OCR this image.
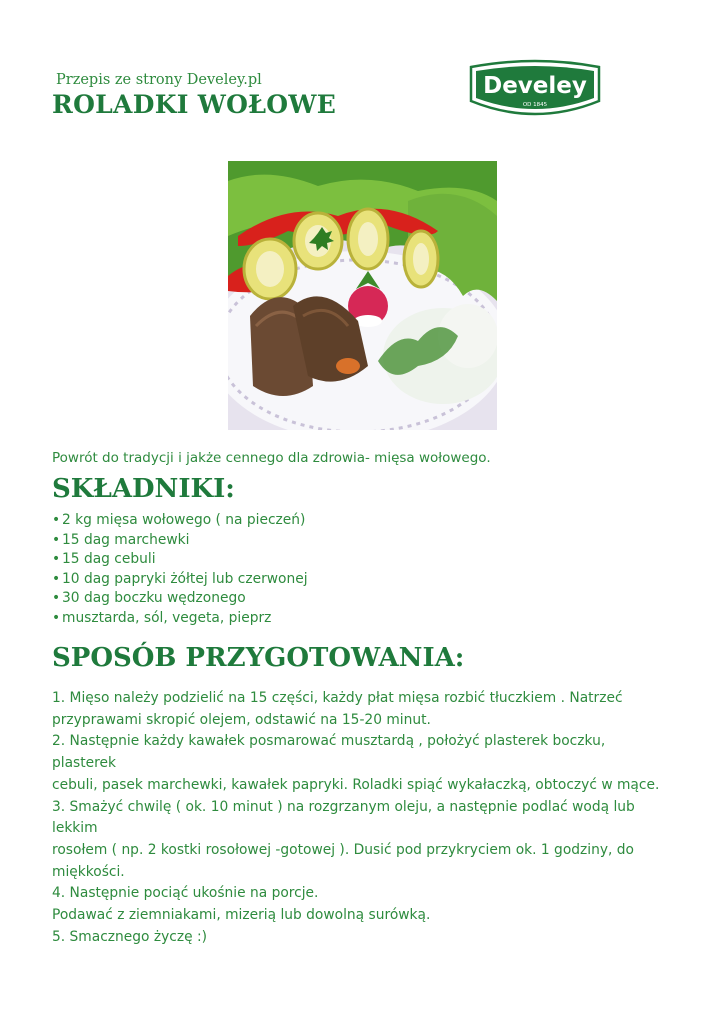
Przepis ze strony Develey.pl
ROLADKI WOŁOWE
Develey
OD 1845
Powrót do tradycji i jakże cennego dla zdrowia- mięsa wołowego.
SKŁADNIKI:
• 2 kg mięsa wołowego ( na pieczeń)
• 15 dag marchewki
• 15 dag cebuli
• 10 dag papryki żółtej lub czerwonej
• 30 dag boczku wędzonego
• musztarda, sól, vegeta, pieprz
SPOSÓB PRZYGOTOWANIA:

1. Mięso należy podzielić na 15 części, każdy płat mięsa rozbić tłuczkiem . Natrzeć

przyprawami skropić olejem, odstawić na 15-20 minut.

2. Następnie każdy kawałek posmarować musztardą , położyć plasterek boczku, plasterek

cebuli, pasek marchewki, kawałek papryki. Roladki spiąć wykałaczką, obtoczyć w mące.

3. Smażyć chwilę ( ok. 10 minut ) na rozgrzanym oleju, a następnie podlać wodą lub lekkim

rosołem ( np. 2 kostki rosołowej -gotowej ). Dusić pod przykryciem ok. 1 godziny, do

miękkości.

4. Następnie pociąć ukośnie na porcje.

Podawać z ziemniakami, mizerią lub dowolną surówką.

5. Smacznego życzę :)
